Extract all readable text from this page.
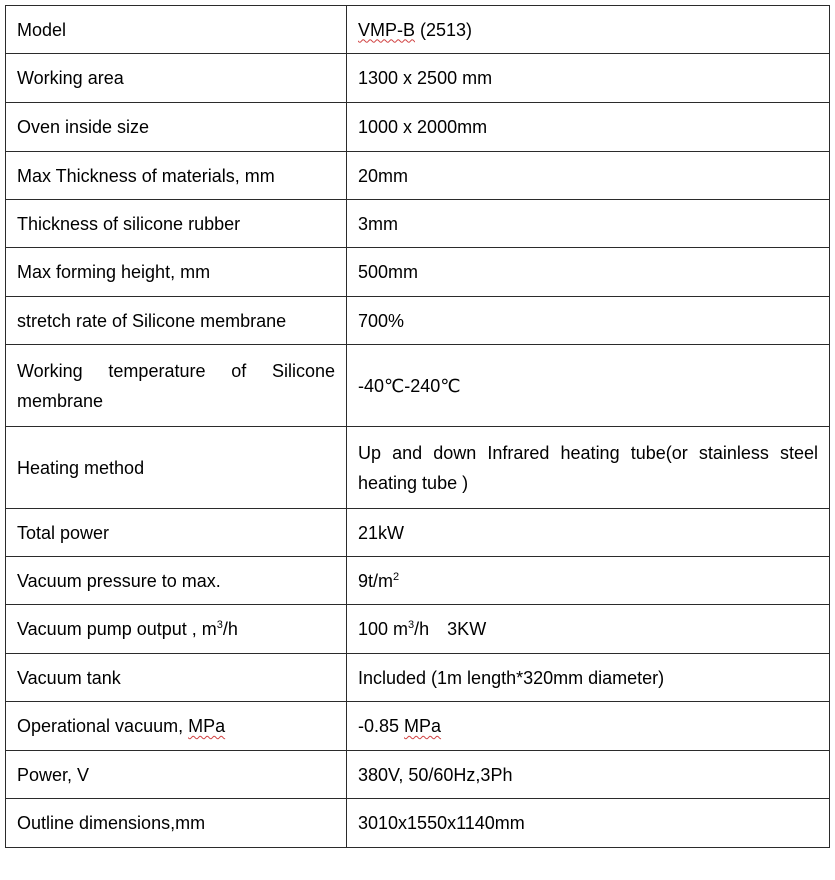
Model	VMP-B (2513)
Working area	1300 x 2500 mm
Oven inside size	1000 x 2000mm
Max Thickness of materials, mm	20mm
Thickness of silicone rubber	3mm
Max forming height, mm	500mm
stretch rate of Silicone membrane	700%
Working temperature of Silicone membrane	-40℃-240℃
Heating method	Up and down Infrared heating tube(or stainless steel heating tube )
Total power	21kW
Vacuum pressure to max.	$9t/m^2$
Vacuum pump output , $m^3/h$	100 $m^3/h$ 3KW
Vacuum tank	Included (1m length*320mm diameter)
Operational vacuum, MPa	-0.85 MPa
Power, V	380V, 50/60Hz,3Ph
Outline dimensions,mm	3010x1550x1140mm
